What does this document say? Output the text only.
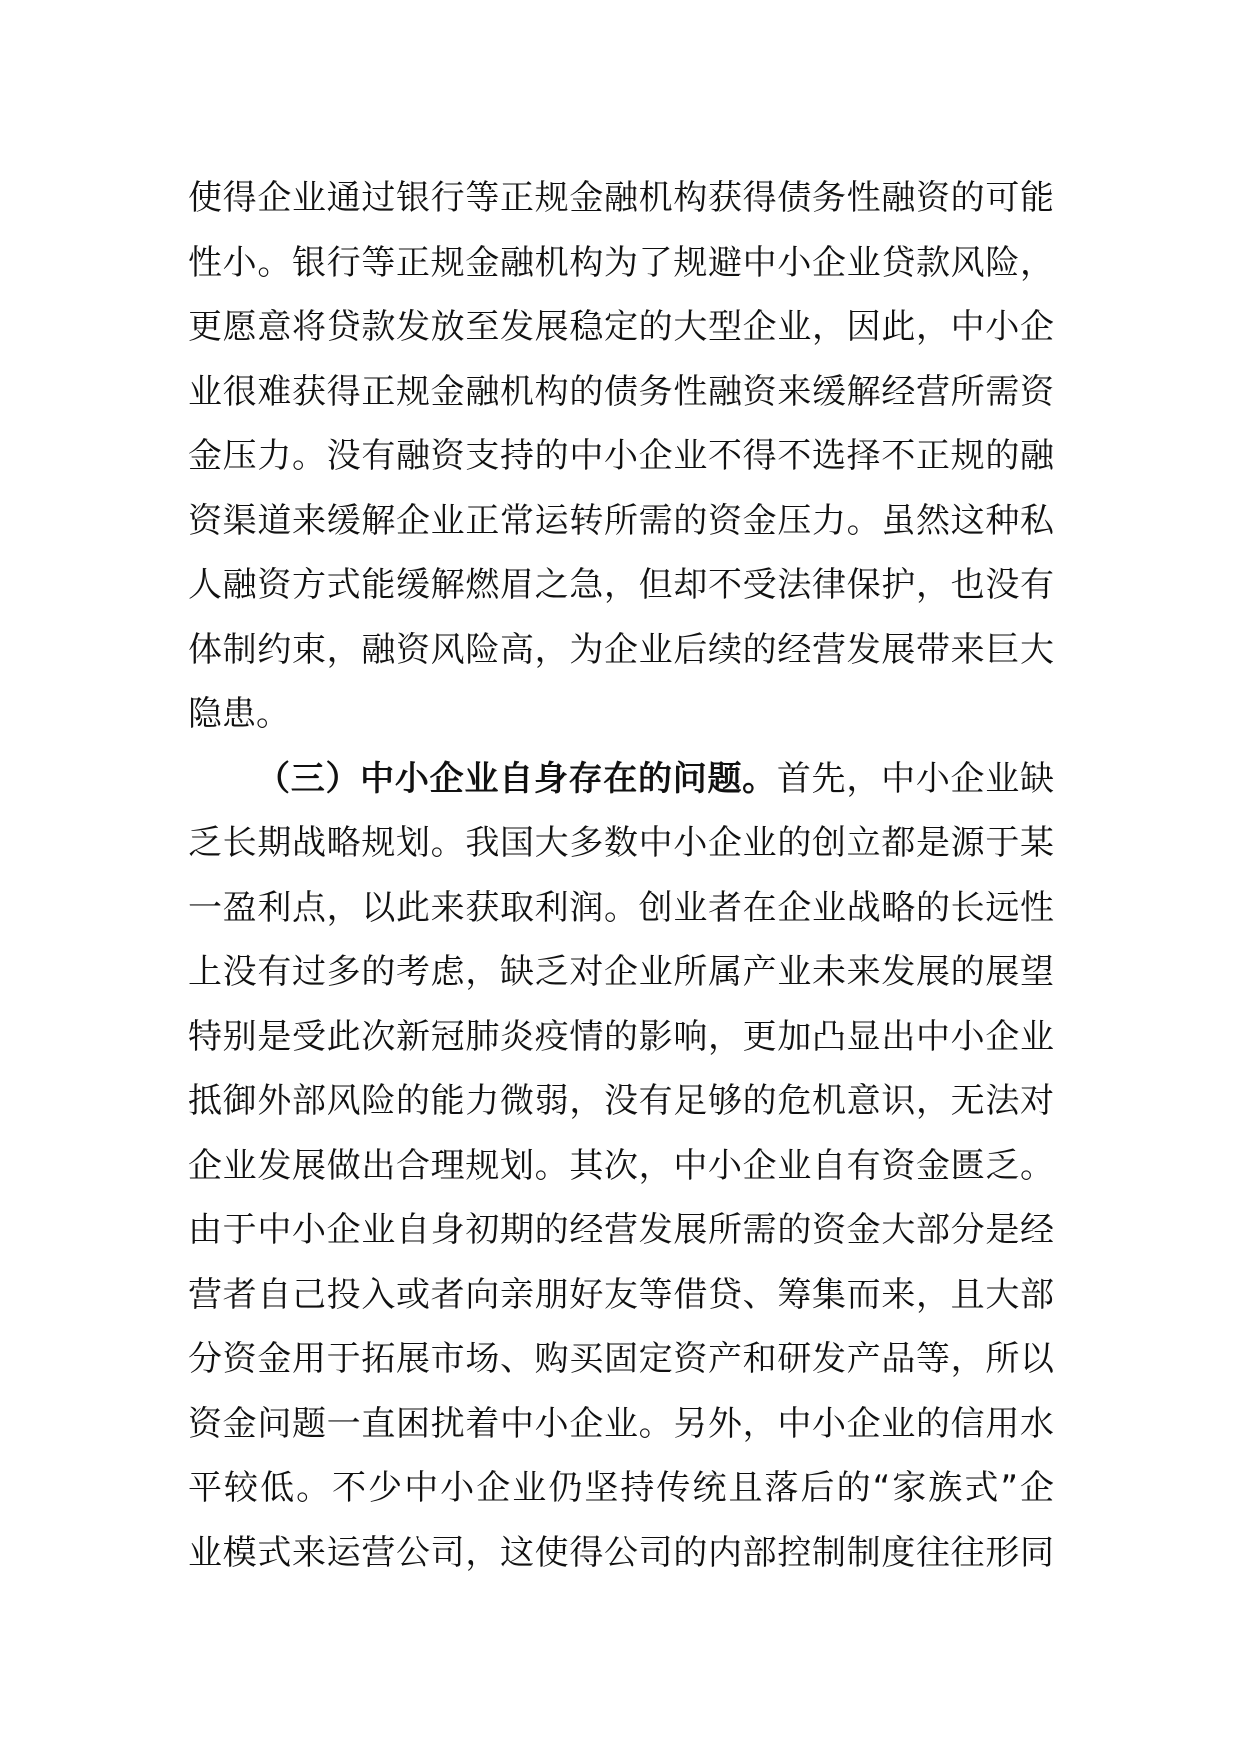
使得企业通过银行等正规金融机构获得债务性融资的可能
性小。银行等正规金融机构为了规避中小企业贷款风险，
更愿意将贷款发放至发展稳定的大型企业，因此，中小企
业很难获得正规金融机构的债务性融资来缓解经营所需资
金压力。没有融资支持的中小企业不得不选择不正规的融
资渠道来缓解企业正常运转所需的资金压力。虽然这种私
人融资方式能缓解燃眉之急，但却不受法律保护，也没有
体制约束，融资风险高，为企业后续的经营发展带来巨大
隐患。
（三）中小企业自身存在的问题。首先，中小企业缺
乏长期战略规划。我国大多数中小企业的创立都是源于某
一盈利点，以此来获取利润。创业者在企业战略的长远性
上没有过多的考虑，缺乏对企业所属产业未来发展的展望
特别是受此次新冠肺炎疫情的影响，更加凸显出中小企业
抵御外部风险的能力微弱，没有足够的危机意识，无法对
企业发展做出合理规划。其次，中小企业自有资金匮乏。
由于中小企业自身初期的经营发展所需的资金大部分是经
营者自己投入或者向亲朋好友等借贷、筹集而来，且大部
分资金用于拓展市场、购买固定资产和研发产品等，所以
资金问题一直困扰着中小企业。另外，中小企业的信用水
平较低。不少中小企业仍坚持传统且落后的“家族式”企
业模式来运营公司，这使得公司的内部控制制度往往形同
